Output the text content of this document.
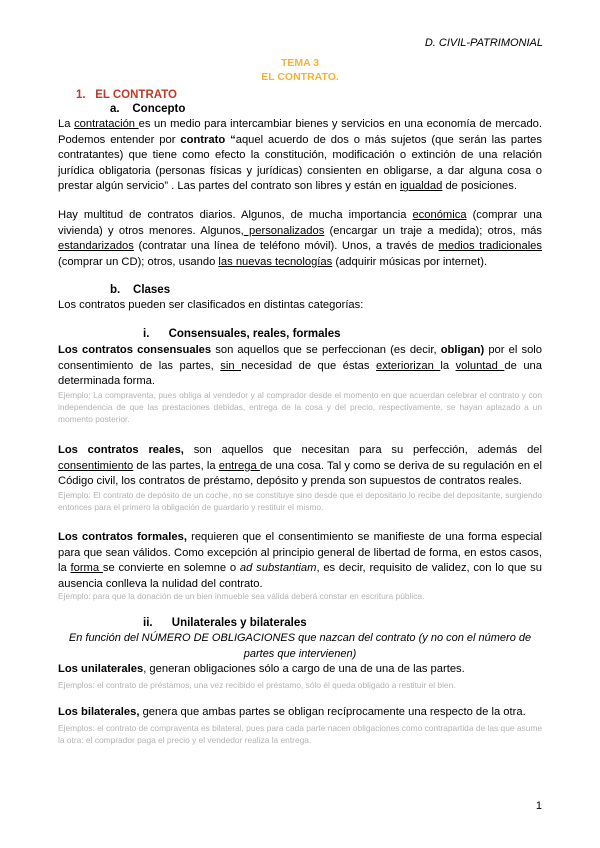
D. CIVIL-PATRIMONIAL
TEMA 3
EL CONTRATO.
1. EL CONTRATO
a. Concepto
La contratación es un medio para intercambiar bienes y servicios en una economía de mercado. Podemos entender por contrato “aquel acuerdo de dos o más sujetos (que serán las partes contratantes) que tiene como efecto la constitución, modificación o extinción de una relación jurídica obligatoria (personas físicas y jurídicas) consienten en obligarse, a dar alguna cosa o prestar algún servicio” . Las partes del contrato son libres y están en igualdad de posiciones.
Hay multitud de contratos diarios. Algunos, de mucha importancia económica (comprar una vivienda) y otros menores. Algunos, personalizados (encargar un traje a medida); otros, más estandarizados (contratar una línea de teléfono móvil). Unos, a través de medios tradicionales (comprar un CD); otros, usando las nuevas tecnologías (adquirir músicas por internet).
b. Clases
Los contratos pueden ser clasificados en distintas categorías:
i. Consensuales, reales, formales
Los contratos consensuales son aquellos que se perfeccionan (es decir, obligan) por el solo consentimiento de las partes, sin necesidad de que éstas exteriorizan la voluntad de una determinada forma.
Ejemplo: La compraventa, pues obliga al vendedor y al comprador desde el momento en que acuerdan celebrar el contrato y con independencia de que las prestaciones debidas, entrega de la cosa y del precio, respectivamente, se hayan aplazado a un momento posterior.
Los contratos reales, son aquellos que necesitan para su perfección, además del consentimiento de las partes, la entrega de una cosa. Tal y como se deriva de su regulación en el Código civil, los contratos de préstamo, depósito y prenda son supuestos de contratos reales.
Ejemplo: El contrato de depósito de un coche, no se constituye sino desde que el depositario lo recibe del depositante, surgiendo entonces para el primero la obligación de guardarlo y restituir el mismo.
Los contratos formales, requieren que el consentimiento se manifieste de una forma especial para que sean válidos. Como excepción al principio general de libertad de forma, en estos casos, la forma se convierte en solemne o ad substantiam, es decir, requisito de validez, con lo que su ausencia conlleva la nulidad del contrato.
Ejemplo: para que la donación de un bien inmueble sea válida deberá constar en escritura pública.
ii. Unilaterales y bilaterales
En función del NÚMERO DE OBLIGACIONES que nazcan del contrato (y no con el número de partes que intervienen)
Los unilaterales, generan obligaciones sólo a cargo de una de una de las partes.
Ejemplos: el contrato de préstamos, una vez recibido el préstamo, sólo él queda obligado a restituir el bien.
Los bilaterales, genera que ambas partes se obligan recíprocamente una respecto de la otra.
Ejemplos: el contrato de compraventa es bilateral, pues para cada parte nacen obligaciones como contrapartida de las que asume la otra: el comprador paga el precio y el vendedor realiza la entrega.
1
